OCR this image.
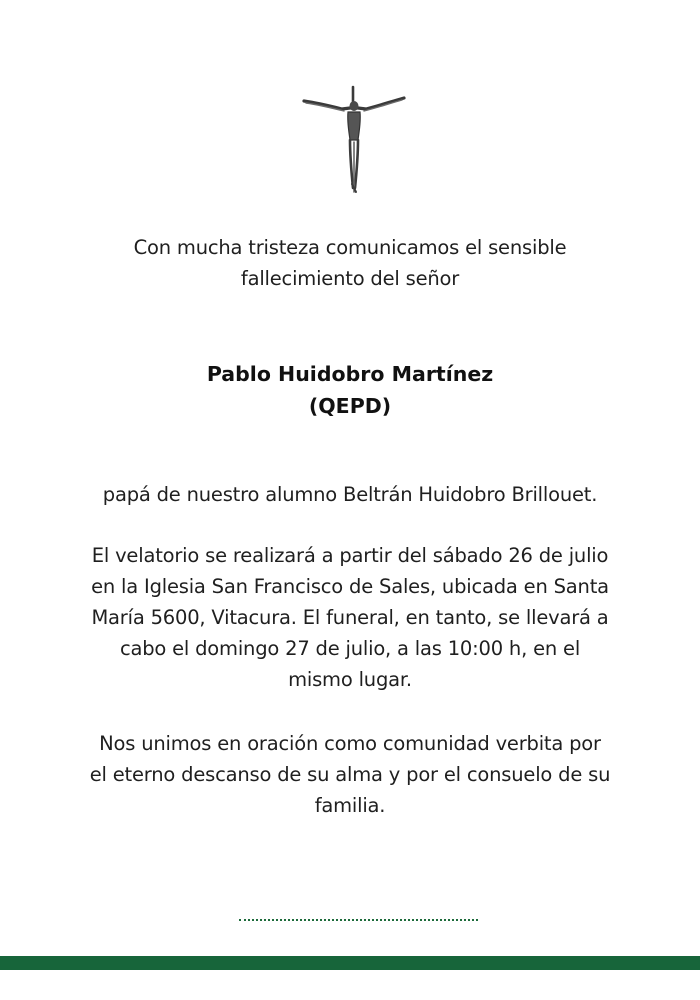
Con mucha tristeza comunicamos el sensible
fallecimiento del señor
Pablo Huidobro Martínez
(QEPD)
papá de nuestro alumno Beltrán Huidobro Brillouet.
El velatorio se realizará a partir del sábado 26 de julio
en la Iglesia San Francisco de Sales, ubicada en Santa
María 5600, Vitacura. El funeral, en tanto, se llevará a
cabo el domingo 27 de julio, a las 10:00 h, en el
mismo lugar.
Nos unimos en oración como comunidad verbita por
el eterno descanso de su alma y por el consuelo de su
familia.
